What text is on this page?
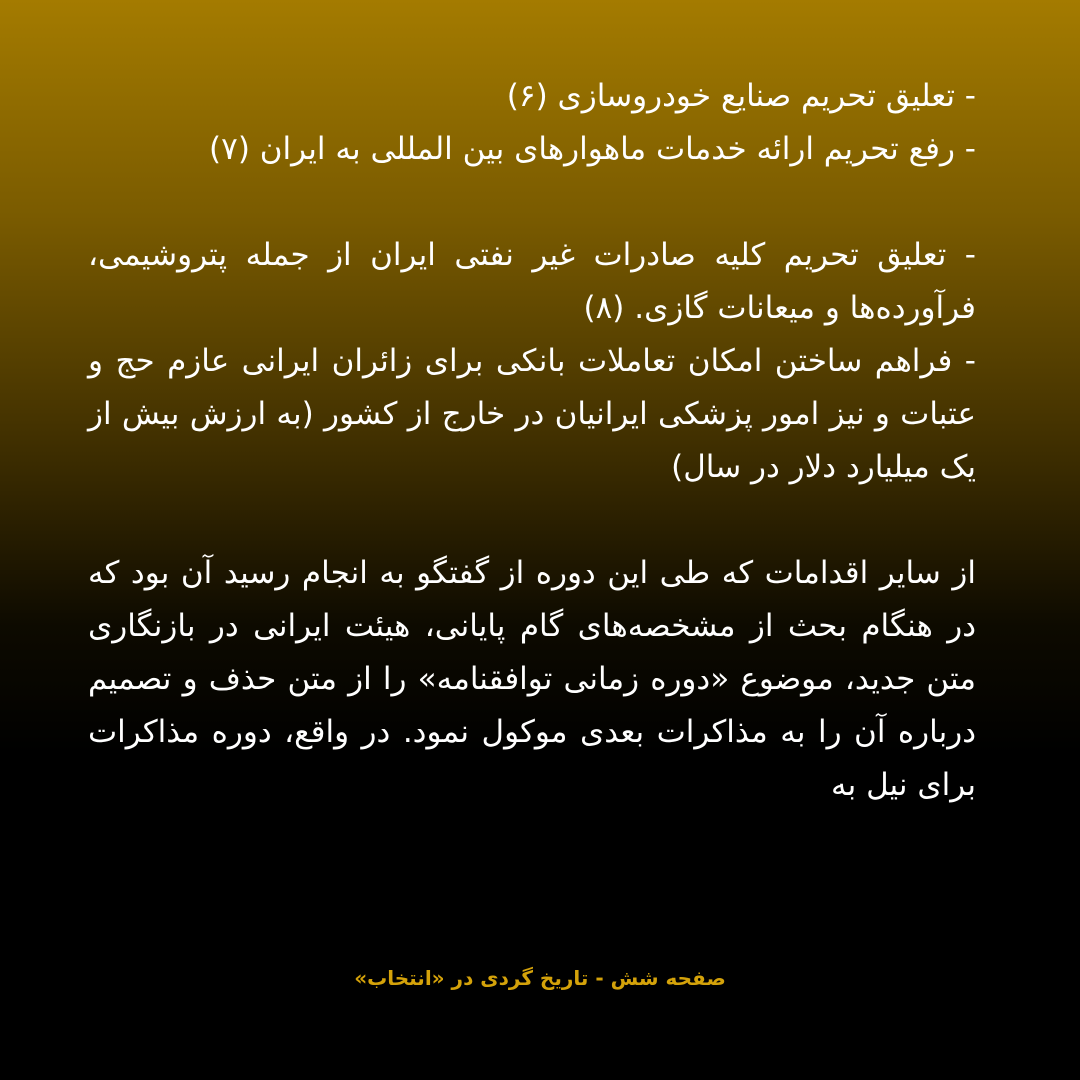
- تعلیق تحریم صنایع خودروسازی (۶)

- رفع تحریم ارائه خدمات ماهوارهای بین المللی به ایران (۷)

- تعلیق تحریم کلیه صادرات غیر نفتی ایران از جمله پتروشیمی، فرآورده‌ها و میعانات گازی. (۸)

- فراهم ساختن امکان تعاملات بانکی برای زائران ایرانی عازم حج و عتبات و نیز امور پزشکی ایرانیان در خارج از کشور (به ارزش بیش از یک میلیارد دلار در سال)

از سایر اقدامات که طی این دوره از گفتگو به انجام رسید آن بود که در هنگام بحث از مشخصه‌های گام پایانی، هیئت ایرانی در بازنگاری متن جدید، موضوع «دوره زمانی توافقنامه» را از متن حذف و تصمیم درباره آن را به مذاکرات بعدی موکول نمود. در واقع، دوره مذاکرات برای نیل به

صفحه شش - تاریخ گردی در «انتخاب»
